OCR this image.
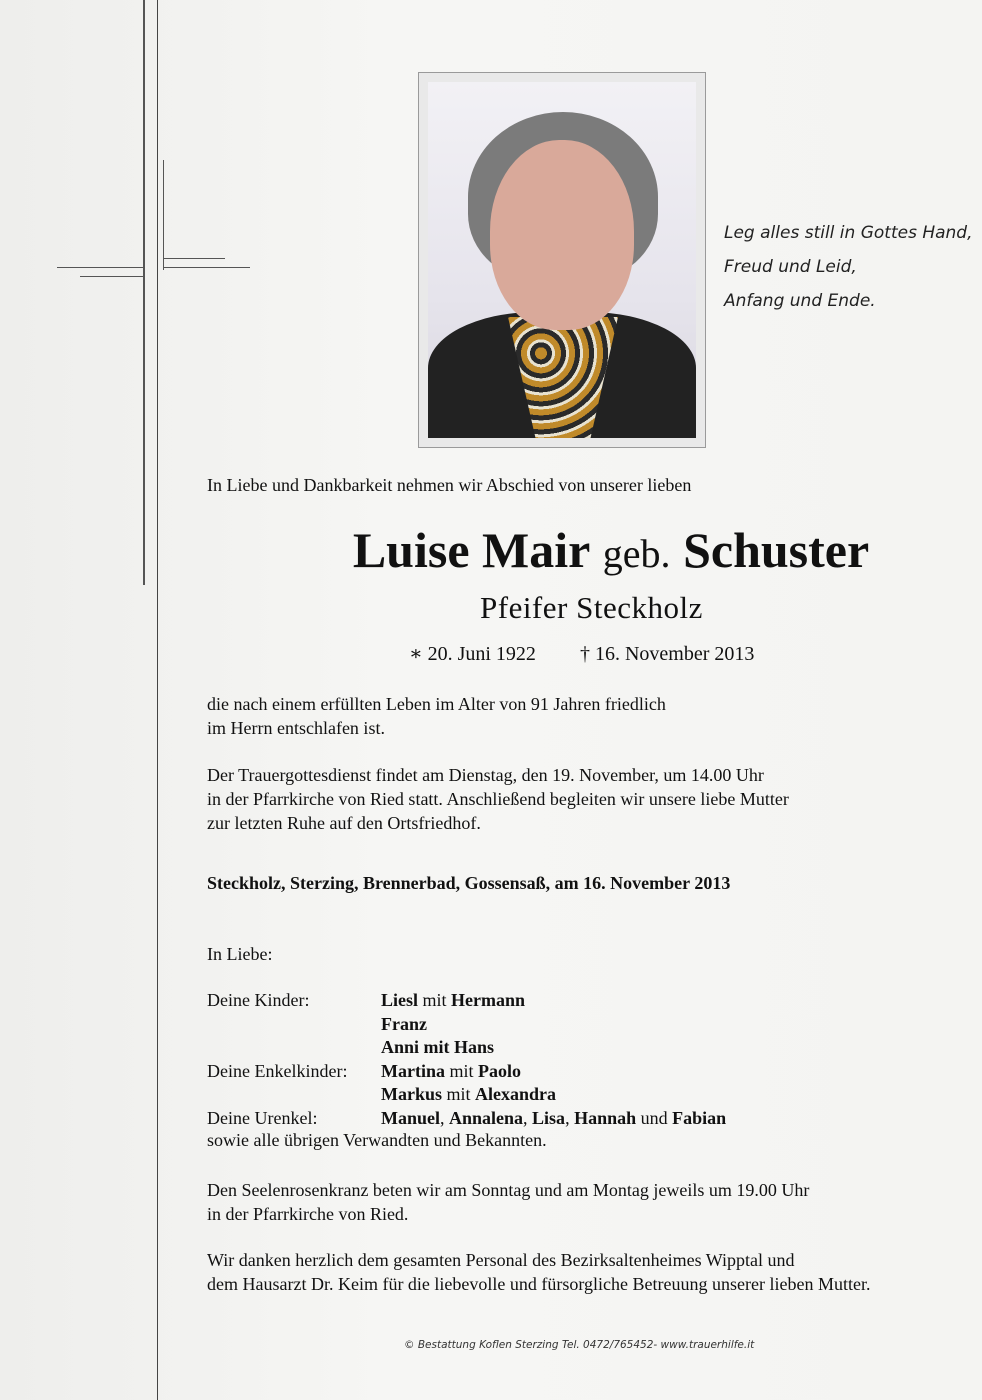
Leg alles still in Gottes Hand,
Freud und Leid,
Anfang und Ende.
In Liebe und Dankbarkeit nehmen wir Abschied von unserer lieben
Luise Mair geb. Schuster
Pfeifer Steckholz
∗ 20. Juni 1922 † 16. November 2013
die nach einem erfüllten Leben im Alter von 91 Jahren friedlich
im Herrn entschlafen ist.
Der Trauergottesdienst findet am Dienstag, den 19. November, um 14.00 Uhr
in der Pfarrkirche von Ried statt. Anschließend begleiten wir unsere liebe Mutter
zur letzten Ruhe auf den Ortsfriedhof.
Steckholz, Sterzing, Brennerbad, Gossensaß, am 16. November 2013
In Liebe:
Deine Kinder:	Liesl mit Hermann
Franz
Anni mit Hans
Deine Enkelkinder: Martina mit Paolo
Markus mit Alexandra
Deine Urenkel:	Manuel, Annalena, Lisa, Hannah und Fabian
sowie alle übrigen Verwandten und Bekannten.
Den Seelenrosenkranz beten wir am Sonntag und am Montag jeweils um 19.00 Uhr
in der Pfarrkirche von Ried.
Wir danken herzlich dem gesamten Personal des Bezirksaltenheimes Wipptal und
dem Hausarzt Dr. Keim für die liebevolle und fürsorgliche Betreuung unserer lieben Mutter.
© Bestattung Koflen Sterzing Tel. 0472/765452- www.trauerhilfe.it
